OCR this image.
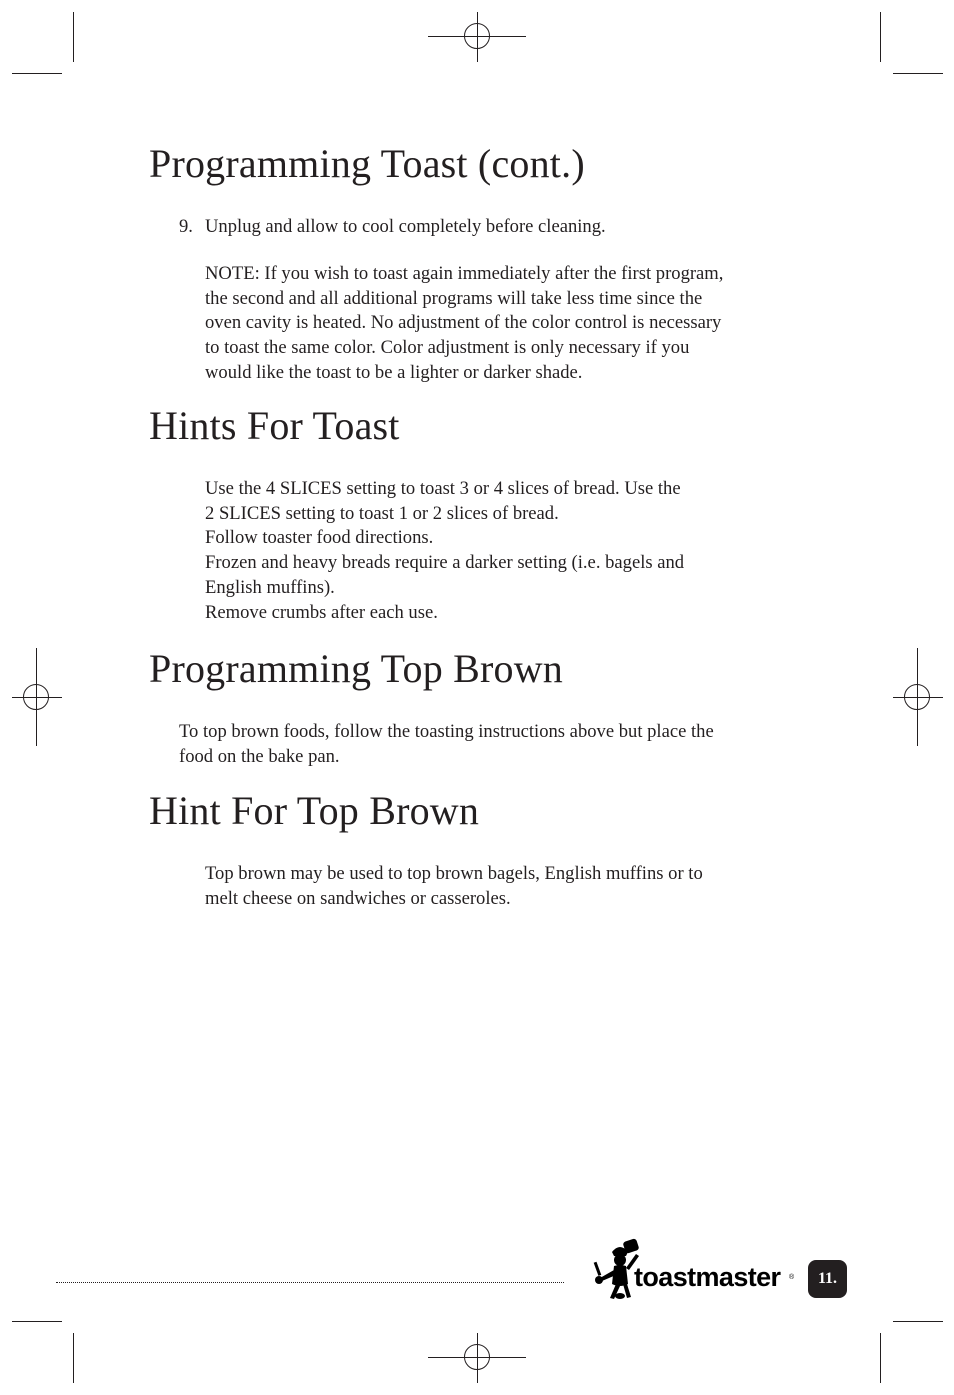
Programming Toast (cont.)
9. Unplug and allow to cool completely before cleaning.
NOTE: If you wish to toast again immediately after the first program,
the second and all additional programs will take less time since the
oven cavity is heated. No adjustment of the color control is necessary
to toast the same color. Color adjustment is only necessary if you
would like the toast to be a lighter or darker shade.
Hints For Toast
Use the 4 SLICES setting to toast 3 or 4 slices of bread. Use the
2 SLICES setting to toast 1 or 2 slices of bread.
Follow toaster food directions.
Frozen and heavy breads require a darker setting (i.e. bagels and
English muffins).
Remove crumbs after each use.
Programming Top Brown
To top brown foods, follow the toasting instructions above but place the
food on the bake pan.
Hint For Top Brown
Top brown may be used to top brown bagels, English muffins or to
melt cheese on sandwiches or casseroles.
®
toastmaster 11.
